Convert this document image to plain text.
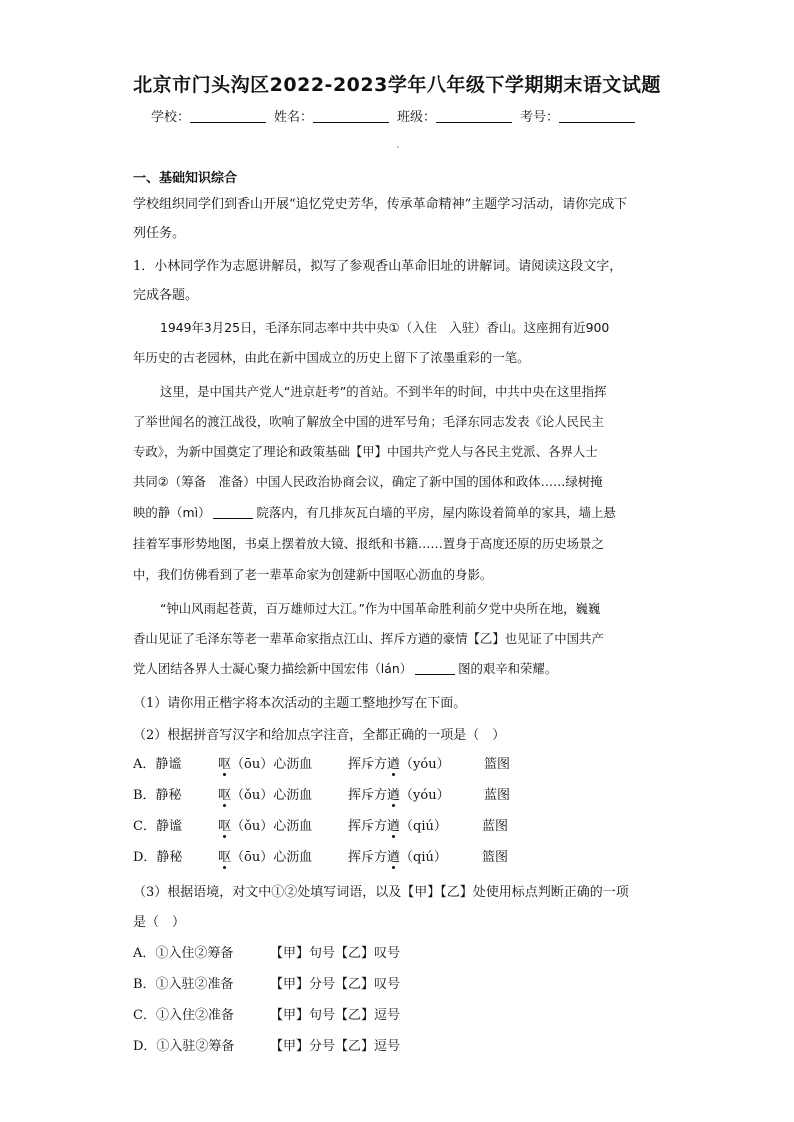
北京市门头沟区2022-2023学年八年级下学期期末语文试题
学校：	姓名：	班级：	考号：
一、基础知识综合
学校组织同学们到香山开展“追忆党史芳华，传承革命精神”主题学习活动，请你完成下
列任务。
1．小林同学作为志愿讲解员，拟写了参观香山革命旧址的讲解词。请阅读这段文字，
完成各题。
1949年3月25日，毛泽东同志率中共中央①（入住　入驻）香山。这座拥有近900
年历史的古老园林，由此在新中国成立的历史上留下了浓墨重彩的一笔。
这里，是中国共产党人“进京赶考”的首站。不到半年的时间，中共中央在这里指挥
了举世闻名的渡江战役，吹响了解放全中国的进军号角；毛泽东同志发表《论人民民主
专政》，为新中国奠定了理论和政策基础【甲】中国共产党人与各民主党派、各界人士
共同②（筹备　准备）中国人民政治协商会议，确定了新中国的国体和政体……绿树掩
映的静（mì）	院落内，有几排灰瓦白墙的平房，屋内陈设着简单的家具，墙上悬
挂着军事形势地图，书桌上摆着放大镜、报纸和书籍……置身于高度还原的历史场景之
中，我们仿佛看到了老一辈革命家为创建新中国呕心沥血的身影。
“钟山风雨起苍黄，百万雄师过大江。”作为中国革命胜利前夕党中央所在地，巍巍
香山见证了毛泽东等老一辈革命家指点江山、挥斥方遒的豪情【乙】也见证了中国共产
党人团结各界人士凝心聚力描绘新中国宏伟（lán）	图的艰辛和荣耀。
（1）请你用正楷字将本次活动的主题工整地抄写在下面。
（2）根据拼音写汉字和给加点字注音，全都正确的一项是（　）
A．静谧	呕（ōu）心沥血	挥斥方遒（yóu）	篮图
B．静秘	呕（ǒu）心沥血	挥斥方遒（yóu）	蓝图
C．静谧	呕（ǒu）心沥血	挥斥方遒（qiú）	蓝图
D．静秘	呕（ōu）心沥血	挥斥方遒（qiú）	篮图
（3）根据语境，对文中①②处填写词语，以及【甲】【乙】处使用标点判断正确的一项
是（　）
A．①入住②筹备	【甲】句号【乙】叹号
B．①入驻②准备	【甲】分号【乙】叹号
C．①入住②准备	【甲】句号【乙】逗号
D．①入驻②筹备	【甲】分号【乙】逗号
